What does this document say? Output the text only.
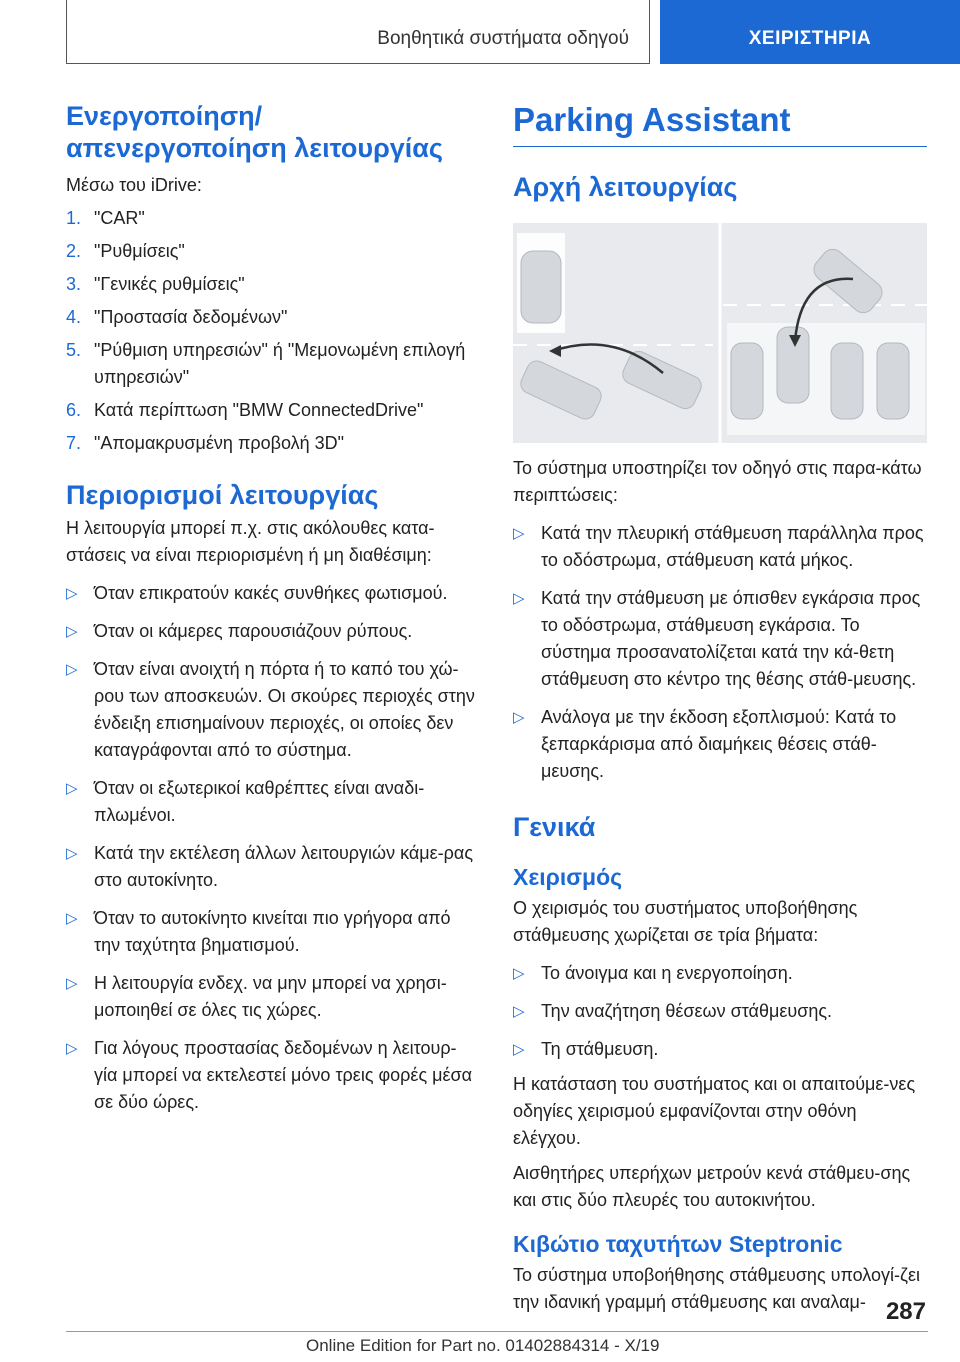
Βοηθητικά συστήματα οδηγού	ΧΕΙΡΙΣΤΗΡΙΑ
Ενεργοποίηση/απενεργοποίηση λειτουργίας
Μέσω του iDrive:
1. "CAR"
2. "Ρυθμίσεις"
3. "Γενικές ρυθμίσεις"
4. "Προστασία δεδομένων"
5. "Ρύθμιση υπηρεσιών" ή "Μεμονωμένη επιλογή υπηρεσιών"
6. Κατά περίπτωση "BMW ConnectedDrive"
7. "Απομακρυσμένη προβολή 3D"
Περιορισμοί λειτουργίας
Η λειτουργία μπορεί π.χ. στις ακόλουθες κατα-στάσεις να είναι περιορισμένη ή μη διαθέσιμη:
▷ Όταν επικρατούν κακές συνθήκες φωτισμού.
▷ Όταν οι κάμερες παρουσιάζουν ρύπους.
▷ Όταν είναι ανοιχτή η πόρτα ή το καπό του χώ-ρου των αποσκευών. Οι σκούρες περιοχές στην ένδειξη επισημαίνουν περιοχές, οι οποίες δεν καταγράφονται από το σύστημα.
▷ Όταν οι εξωτερικοί καθρέπτες είναι αναδι-πλωμένοι.
▷ Κατά την εκτέλεση άλλων λειτουργιών κάμε-ρας στο αυτοκίνητο.
▷ Όταν το αυτοκίνητο κινείται πιο γρήγορα από την ταχύτητα βηματισμού.
▷ Η λειτουργία ενδεχ. να μην μπορεί να χρησι-μοποιηθεί σε όλες τις χώρες.
▷ Για λόγους προστασίας δεδομένων η λειτουρ-γία μπορεί να εκτελεστεί μόνο τρεις φορές μέσα σε δύο ώρες.
Parking Assistant
Αρχή λειτουργίας
Το σύστημα υποστηρίζει τον οδηγό στις παρα-κάτω περιπτώσεις:
▷ Κατά την πλευρική στάθμευση παράλληλα προς το οδόστρωμα, στάθμευση κατά μήκος.
▷ Κατά την στάθμευση με όπισθεν εγκάρσια προς το οδόστρωμα, στάθμευση εγκάρσια. Το σύστημα προσανατολίζεται κατά την κά-θετη στάθμευση στο κέντρο της θέσης στάθ-μευσης.
▷ Ανάλογα με την έκδοση εξοπλισμού: Κατά το ξεπαρκάρισμα από διαμήκεις θέσεις στάθ-μευσης.
Γενικά
Χειρισμός
Ο χειρισμός του συστήματος υποβοήθησης στάθμευσης χωρίζεται σε τρία βήματα:
▷ Το άνοιγμα και η ενεργοποίηση.
▷ Την αναζήτηση θέσεων στάθμευσης.
▷ Τη στάθμευση.
Η κατάσταση του συστήματος και οι απαιτούμε-νες οδηγίες χειρισμού εμφανίζονται στην οθόνη ελέγχου.
Αισθητήρες υπερήχων μετρούν κενά στάθμευ-σης και στις δύο πλευρές του αυτοκινήτου.
Κιβώτιο ταχυτήτων Steptronic
Το σύστημα υποβοήθησης στάθμευσης υπολογί-ζει την ιδανική γραμμή στάθμευσης και αναλαμ- 287
Online Edition for Part no. 01402884314 - X/19
